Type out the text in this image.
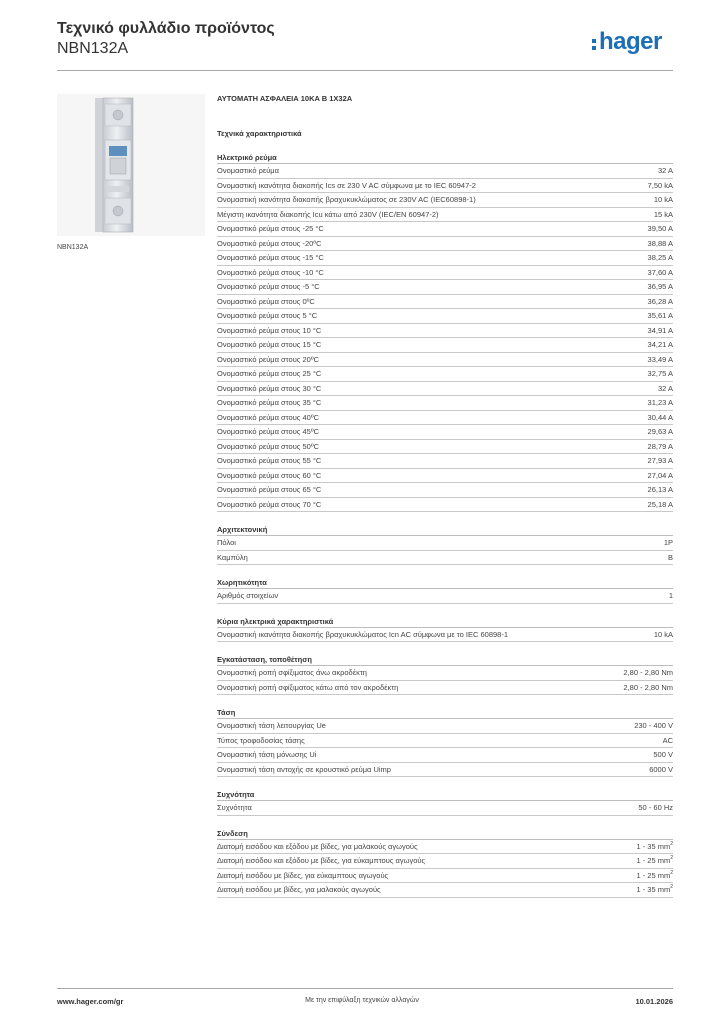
Τεχνικό φυλλάδιο προϊόντος
NBN132A	hager
NBN132A
ΑΥΤΟΜΑΤΗ ΑΣΦΑΛΕΙΑ 10KA B 1X32A
Τεχνικά χαρακτηριστικά
Ηλεκτρικό ρεύμα
Ονομαστικό ρεύμα	32 A
Ονομαστική ικανότητα διακοπής Ics σε 230 V AC σύμφωνα με το IEC 60947-2	7,50 kA
Ονομαστική ικανότητα διακοπής βραχυκυκλώματος σε 230V AC (IEC60898-1)	10 kA
Μέγιστη ικανότητα διακοπής Icu κάτω από 230V (IEC/EN 60947-2)	15 kA
Ονομαστικό ρεύμα στους -25 °C	39,50 A
Ονομαστικό ρεύμα στους -20ºC	38,88 A
Ονομαστικό ρεύμα στους -15 °C	38,25 A
Ονομαστικό ρεύμα στους -10 °C	37,60 A
Ονομαστικό ρεύμα στους -5 °C	36,95 A
Ονομαστικό ρεύμα στους 0ºC	36,28 A
Ονομαστικό ρεύμα στους 5 °C	35,61 A
Ονομαστικό ρεύμα στους 10 °C	34,91 A
Ονομαστικό ρεύμα στους 15 °C	34,21 A
Ονομαστικό ρεύμα στους 20ºC	33,49 A
Ονομαστικό ρεύμα στους 25 °C	32,75 A
Ονομαστικό ρεύμα στους 30 °C	32 A
Ονομαστικό ρεύμα στους 35 °C	31,23 A
Ονομαστικό ρεύμα στους 40ºC	30,44 A
Ονομαστικό ρεύμα στους 45ºC	29,63 A
Ονομαστικό ρεύμα στους 50ºC	28,79 A
Ονομαστικό ρεύμα στους 55 °C	27,93 A
Ονομαστικό ρεύμα στους 60 °C	27,04 A
Ονομαστικό ρεύμα στους 65 °C	26,13 A
Ονομαστικό ρεύμα στους 70 °C	25,18 A
Αρχιτεκτονική
Πόλοι	1P
Καμπύλη	B
Χωρητικότητα
Αριθμός στοιχείων	1
Κύρια ηλεκτρικά χαρακτηριστικά
Ονομαστική ικανότητα διακοπής βραχυκυκλώματος Icn AC σύμφωνα με το IEC 60898-1	10 kA
Εγκατάσταση, τοποθέτηση
Ονομαστική ροπή σφίξιματος άνω ακροδέκτη	2,80 - 2,80 Nm
Ονομαστική ροπή σφίξιματος κάτω από τον ακροδέκτη	2,80 - 2,80 Nm
Τάση
Ονομαστική τάση λειτουργίας Ue	230 - 400 V
Τύπος τροφοδοσίας τάσης	AC
Ονομαστική τάση μόνωσης Ui	500 V
Ονομαστική τάση αντοχής σε κρουστικό ρεύμα Uimp	6000 V
Συχνότητα
Συχνότητα	50 - 60 Hz
Σύνδεση
Διατομή εισόδου και εξόδου με βίδες, για μαλακούς αγωγούς	1 - 35 $mm^2$
Διατομή εισόδου και εξόδου με βίδες, για εύκαμπτους αγωγούς	1 - 25 $mm^2$
Διατομή εισόδου με βίδες, για εύκαμπτους αγωγούς	1 - 25 $mm^2$
Διατομή εισόδου με βίδες, για μαλακούς αγωγούς	1 - 35 $mm^2$
www.hager.com/gr	Με την επιφύλαξη τεχνικών αλλαγών	10.01.2026
